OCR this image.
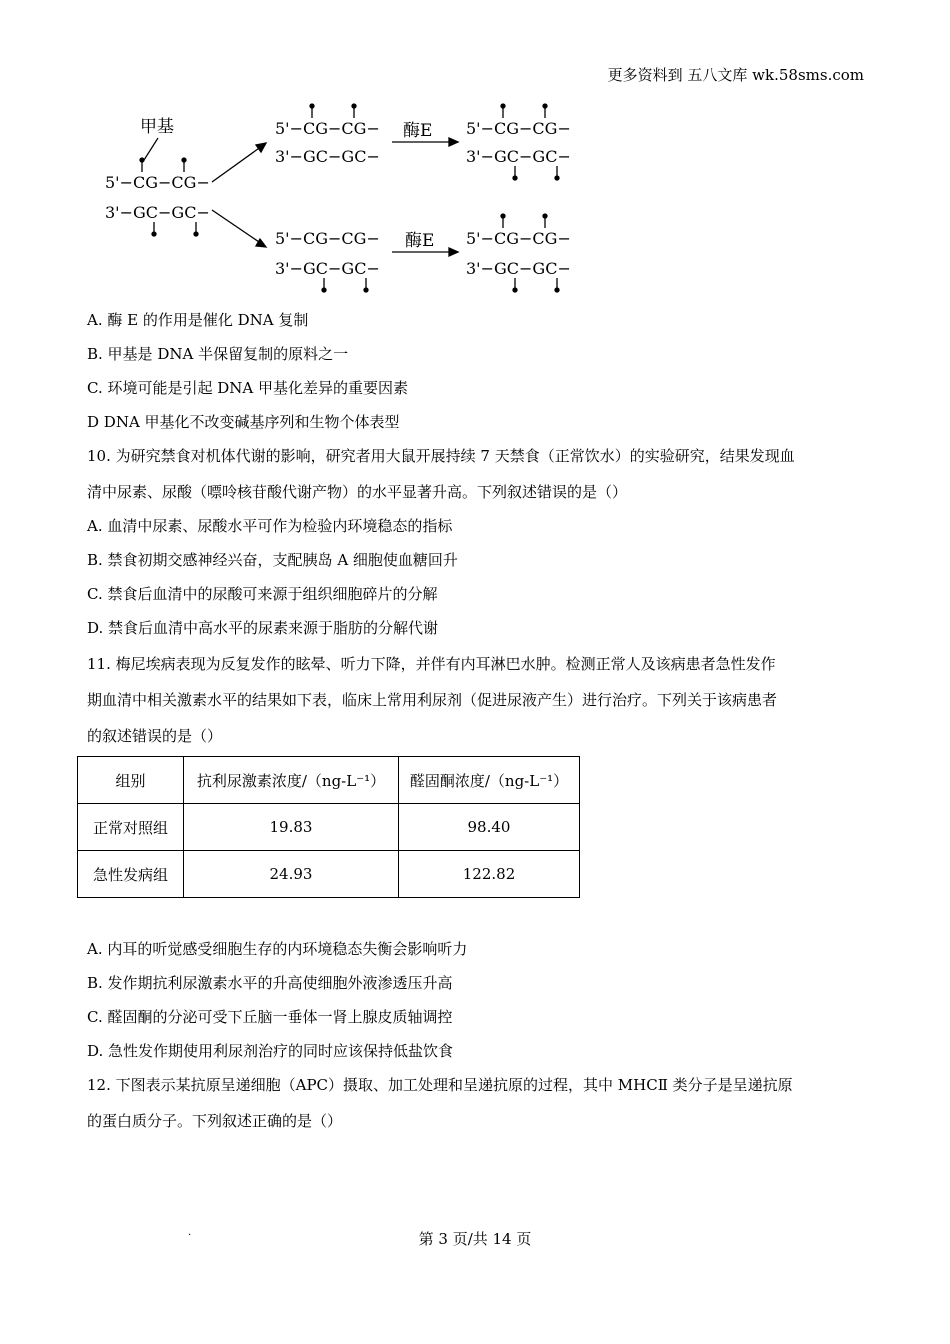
更多资料到 五八文库 wk.58sms.com
甲基
5'−CG−CG−
3'−GC−GC−
5'−CG−CG−
3'−GC−GC−
酶E 5'−CG−CG−
3'−GC−GC−
5'−CG−CG−
3'−GC−GC−
酶E 5'−CG−CG−
3'−GC−GC−
A. 酶 E 的作用是催化 DNA 复制
B. 甲基是 DNA 半保留复制的原料之一
C. 环境可能是引起 DNA 甲基化差异的重要因素
D DNA 甲基化不改变碱基序列和生物个体表型
10. 为研究禁食对机体代谢的影响，研究者用大鼠开展持续 7 天禁食（正常饮水）的实验研究，结果发现血
清中尿素、尿酸（嘌呤核苷酸代谢产物）的水平显著升高。下列叙述错误的是（）
A. 血清中尿素、尿酸水平可作为检验内环境稳态的指标
B. 禁食初期交感神经兴奋，支配胰岛 A 细胞使血糖回升
C. 禁食后血清中的尿酸可来源于组织细胞碎片的分解
D. 禁食后血清中高水平的尿素来源于脂肪的分解代谢
11. 梅尼埃病表现为反复发作的眩晕、听力下降，并伴有内耳淋巴水肿。检测正常人及该病患者急性发作
期血清中相关激素水平的结果如下表，临床上常用利尿剂（促进尿液产生）进行治疗。下列关于该病患者
的叙述错误的是（）
组别	抗利尿激素浓度/（ng-L⁻¹）	醛固酮浓度/（ng-L⁻¹）
正常对照组	19.83	98.40
急性发病组	24.93	122.82
A. 内耳的听觉感受细胞生存的内环境稳态失衡会影响听力
B. 发作期抗利尿激素水平的升高使细胞外液渗透压升高
C. 醛固酮的分泌可受下丘脑一垂体一肾上腺皮质轴调控
D. 急性发作期使用利尿剂治疗的同时应该保持低盐饮食
12. 下图表示某抗原呈递细胞（APC）摄取、加工处理和呈递抗原的过程，其中 MHCⅡ 类分子是呈递抗原
的蛋白质分子。下列叙述正确的是（）
·	第 3 页/共 14 页
